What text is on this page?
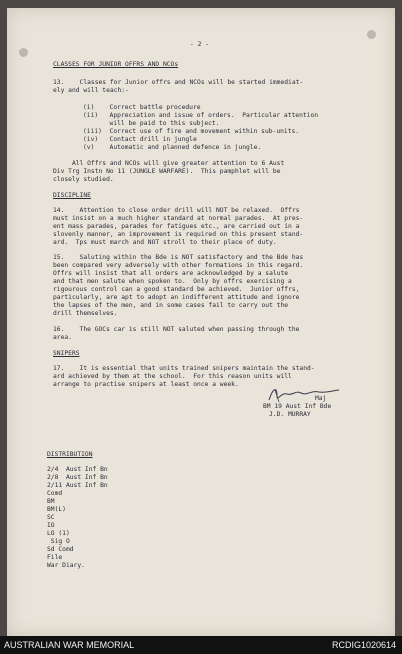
- 2 -
CLASSES FOR JUNIOR OFFRS AND NCOs
13.    Classes for Junior offrs and NCOs will be started immediat-
ely and will teach:-
(i)    Correct battle procedure
(ii)   Appreciation and issue of orders.  Particular attention
will be paid to this subject.
(iii)  Correct use of fire and movement within sub-units.
(iv)   Contact drill in jungle
(v)    Automatic and planned defence in jungle.
All Offrs and NCOs will give greater attention to 6 Aust
Div Trg Instn No 11 (JUNGLE WARFARE).  This pamphlet will be
closely studied.
DISCIPLINE
14.    Attention to close order drill will NOT be relaxed.  Offrs
must insist on a much higher standard at normal parades.  At pres-
ent mass parades, parades for fatigues etc., are carried out in a
slovenly manner, an improvement is required on this present stand-
ard.  Tps must march and NOT stroll to their place of duty.
15.    Saluting within the Bde is NOT satisfactory and the Bde has
been compared very adversely with other formations in this regard.
Offrs will insist that all orders are acknowledged by a salute
and that men salute when spoken to.  Only by offrs exercising a
rigourous control can a good standard be achieved.  Junior offrs,
particularly, are apt to adopt an indifferent attitude and ignore
the lapses of the men, and in some cases fail to carry out the
drill themselves.
16.    The GOCs car is still NOT saluted when passing through the
area.
SNIPERS
17.    It is essential that units trained snipers maintain the stand-
ard achieved by them at the school.  For this reason units will
arrange to practise snipers at least once a week.
Maj
BM 19 Aust Inf Bde
J.D. MURRAY
DISTRIBUTION
2/4  Aust Inf Bn
2/8  Aust Inf Bn
2/11 Aust Inf Bn
Comd
BM
BM(L)
SC
IO
LO (1)
Sig O
Sd Comd
File
War Diary.
AUSTRALIAN WAR MEMORIAL	RCDIG1020614
